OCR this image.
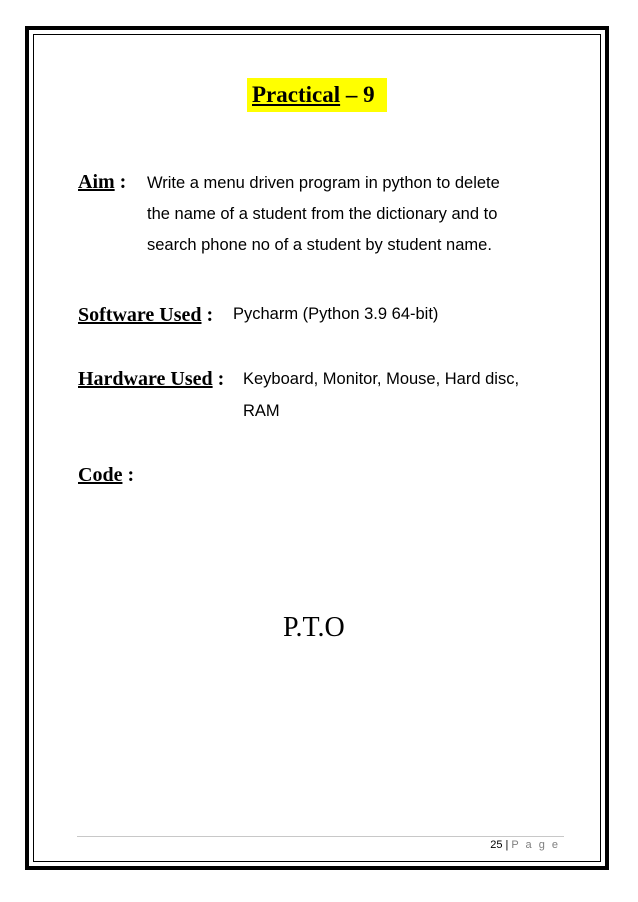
Practical – 9
Aim : Write a menu driven program in python to delete
the name of a student from the dictionary and to
search phone no of a student by student name.
Software Used : Pycharm (Python 3.9 64-bit)
Hardware Used : Keyboard, Monitor, Mouse, Hard disc,
RAM
Code :
P.T.O
25 | P a g e
